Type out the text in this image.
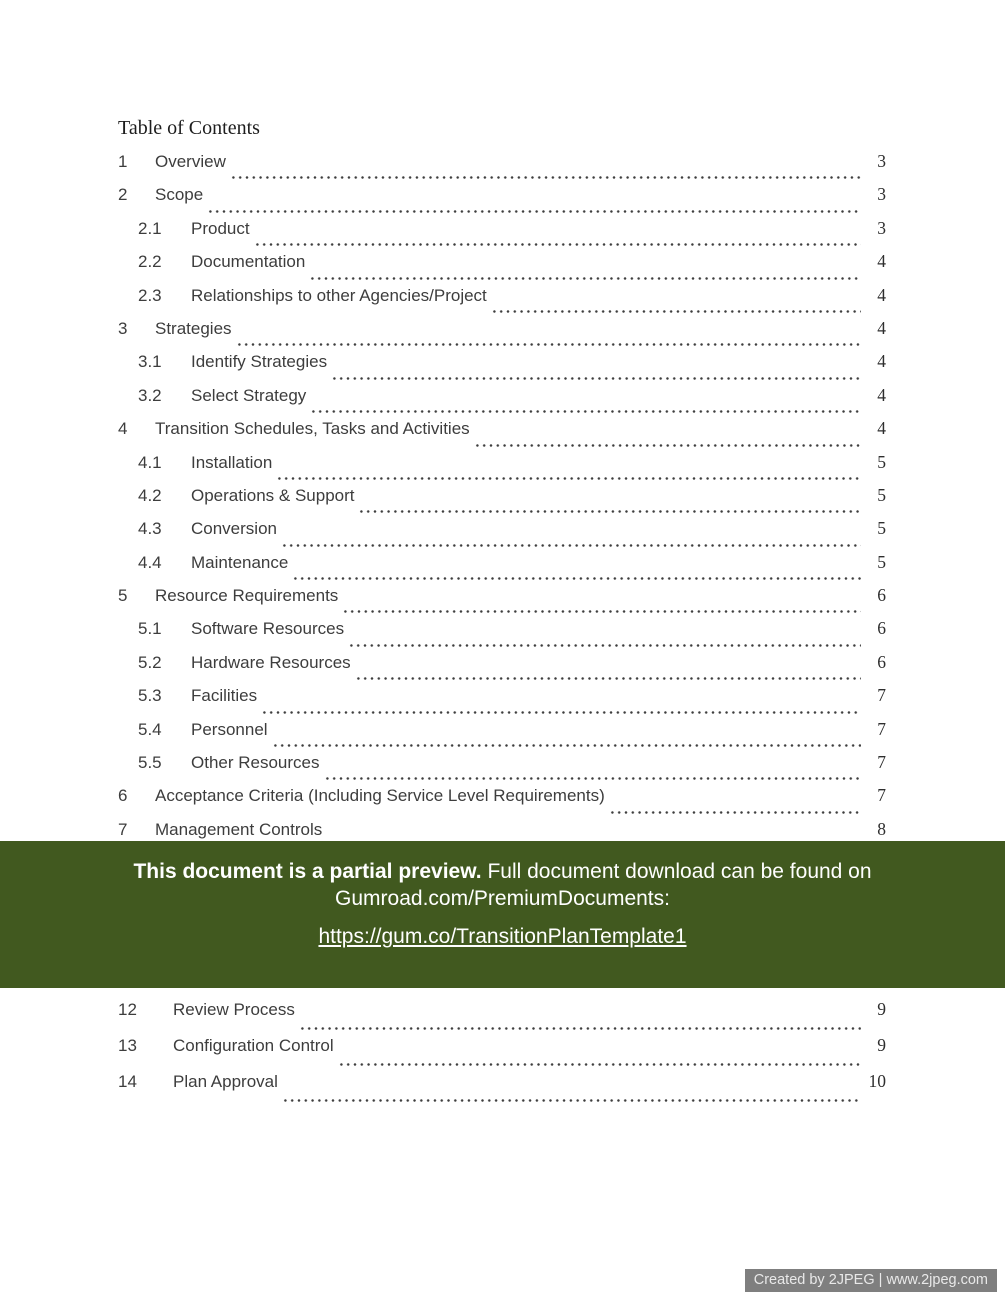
Table of Contents
1	Overview	3
2	Scope	3
2.1	Product	3
2.2	Documentation	4
2.3	Relationships to other Agencies/Project	4
3	Strategies	4
3.1	Identify Strategies	4
3.2	Select Strategy	4
4	Transition Schedules, Tasks and Activities	4
4.1	Installation	5
4.2	Operations & Support	5
4.3	Conversion	5
4.4	Maintenance	5
5	Resource Requirements	6
5.1	Software Resources	6
5.2	Hardware Resources	6
5.3	Facilities	7
5.4	Personnel	7
5.5	Other Resources	7
6	Acceptance Criteria (Including Service Level Requirements)	7
7	Management Controls	8

This document is a partial preview. Full document download can be found on

Gumroad.com/PremiumDocuments:

https://gum.co/TransitionPlanTemplate1

12	Review Process	9
13	Configuration Control	9
14	Plan Approval	10
Created by 2JPEG | www.2jpeg.com
